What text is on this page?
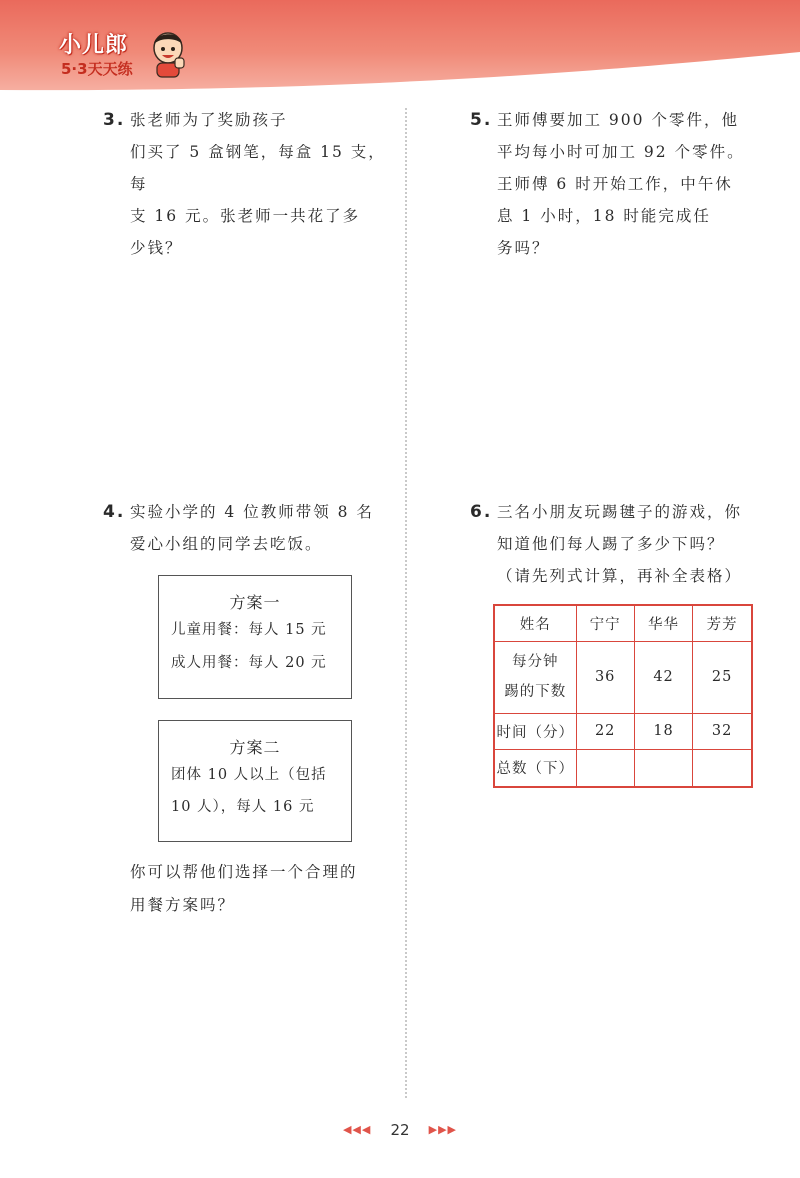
小儿郎
5·3天天练
3. 张老师为了奖励孩子
们买了 5 盒钢笔，每盒 15 支，每
支 16 元。张老师一共花了多
少钱？
5. 王师傅要加工 900 个零件，他
平均每小时可加工 92 个零件。
王师傅 6 时开始工作，中午休
息 1 小时，18 时能完成任
务吗？
4. 实验小学的 4 位教师带领 8 名
爱心小组的同学去吃饭。
方案一
儿童用餐：每人 15 元
成人用餐：每人 20 元
方案二
团体 10 人以上（包括
10 人），每人 16 元
你可以帮他们选择一个合理的
用餐方案吗？
6. 三名小朋友玩踢毽子的游戏，你
知道他们每人踢了多少下吗？
（请先列式计算，再补全表格）
姓名	宁宁	华华	芳芳

每分钟
踢的下数	36	42	25
时间（分）	22	18	32
总数（下）			
◀◀◀ 22 ▶▶▶
